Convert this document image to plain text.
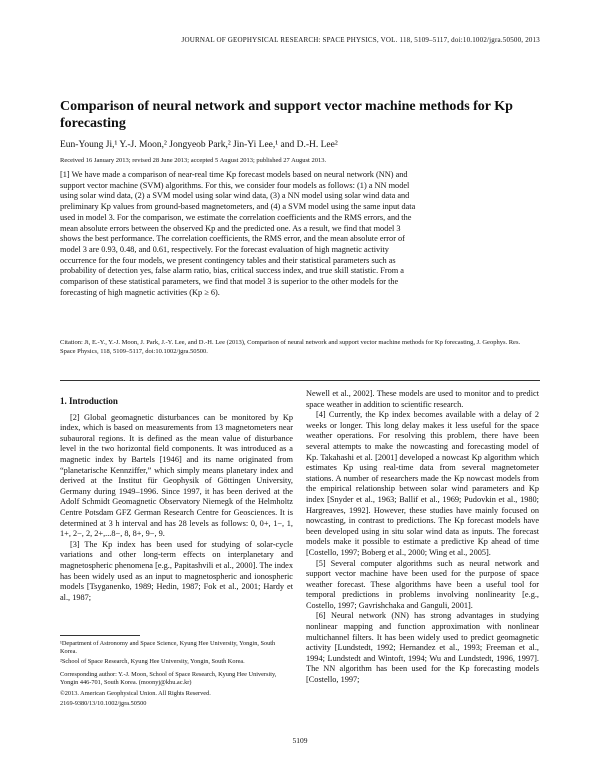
JOURNAL OF GEOPHYSICAL RESEARCH: SPACE PHYSICS, VOL. 118, 5109–5117, doi:10.1002/jgra.50500, 2013
Comparison of neural network and support vector machine methods for Kp forecasting
Eun-Young Ji,¹ Y.-J. Moon,² Jongyeob Park,² Jin-Yi Lee,¹ and D.-H. Lee²
Received 16 January 2013; revised 28 June 2013; accepted 5 August 2013; published 27 August 2013.
[1] We have made a comparison of near-real time Kp forecast models based on neural network (NN) and support vector machine (SVM) algorithms. For this, we consider four models as follows: (1) a NN model using solar wind data, (2) a SVM model using solar wind data, (3) a NN model using solar wind data and preliminary Kp values from ground-based magnetometers, and (4) a SVM model using the same input data used in model 3. For the comparison, we estimate the correlation coefficients and the RMS errors, and the mean absolute errors between the observed Kp and the predicted one. As a result, we find that model 3 shows the best performance. The correlation coefficients, the RMS error, and the mean absolute error of model 3 are 0.93, 0.48, and 0.61, respectively. For the forecast evaluation of high magnetic activity occurrence for the four models, we present contingency tables and their statistical parameters such as probability of detection yes, false alarm ratio, bias, critical success index, and true skill statistic. From a comparison of these statistical parameters, we find that model 3 is superior to the other models for the forecasting of high magnetic activities (Kp ≥ 6).
Citation: Ji, E.-Y., Y.-J. Moon, J. Park, J.-Y. Lee, and D.-H. Lee (2013), Comparison of neural network and support vector machine methods for Kp forecasting, J. Geophys. Res. Space Physics, 118, 5109–5117, doi:10.1002/jgra.50500.
1. Introduction

[2] Global geomagnetic disturbances can be monitored by Kp index, which is based on measurements from 13 magnetometers near subauroral regions. It is defined as the mean value of disturbance level in the two horizontal field components. It was introduced as a magnetic index by Bartels [1946] and its name originated from “planetarische Kennziffer,” which simply means planetary index and derived at the Institut für Geophysik of Göttingen University, Germany during 1949–1996. Since 1997, it has been derived at the Adolf Schmidt Geomagnetic Observatory Niemegk of the Helmholtz Centre Potsdam GFZ German Research Centre for Geosciences. It is determined at 3 h interval and has 28 levels as follows: 0, 0+, 1−, 1, 1+, 2−, 2, 2+,...8−, 8, 8+, 9−, 9.

[3] The Kp index has been used for studying of solar-cycle variations and other long-term effects on interplanetary and magnetospheric phenomena [e.g., Papitashvili et al., 2000]. The index has been widely used as an input to magnetospheric and ionospheric models [Tsyganenko, 1989; Hedin, 1987; Fok et al., 2001; Hardy et al., 1987;

¹Department of Astronomy and Space Science, Kyung Hee University, Yongin, South Korea.
²School of Space Research, Kyung Hee University, Yongin, South Korea.
Corresponding author: Y.-J. Moon, School of Space Research, Kyung Hee University, Yongin 446-701, South Korea. (moonyj@khu.ac.kr)
©2013. American Geophysical Union. All Rights Reserved.
2169-9380/13/10.1002/jgra.50500

Newell et al., 2002]. These models are used to monitor and to predict space weather in addition to scientific research.

[4] Currently, the Kp index becomes available with a delay of 2 weeks or longer. This long delay makes it less useful for the space weather operations. For resolving this problem, there have been several attempts to make the nowcasting and forecasting model of Kp. Takahashi et al. [2001] developed a nowcast Kp algorithm which estimates Kp using real-time data from several magnetometer stations. A number of researchers made the Kp nowcast models from the empirical relationship between solar wind parameters and Kp index [Snyder et al., 1963; Ballif et al., 1969; Pudovkin et al., 1980; Hargreaves, 1992]. However, these studies have mainly focused on nowcasting, in contrast to predictions. The Kp forecast models have been developed using in situ solar wind data as inputs. The forecast models make it possible to estimate a predictive Kp ahead of time [Costello, 1997; Boberg et al., 2000; Wing et al., 2005].

[5] Several computer algorithms such as neural network and support vector machine have been used for the purpose of space weather forecast. These algorithms have been a useful tool for temporal predictions in problems involving nonlinearity [e.g., Costello, 1997; Gavrishchaka and Ganguli, 2001].

[6] Neural network (NN) has strong advantages in studying nonlinear mapping and function approximation with nonlinear multichannel filters. It has been widely used to predict geomagnetic activity [Lundstedt, 1992; Hernandez et al., 1993; Freeman et al., 1994; Lundstedt and Wintoft, 1994; Wu and Lundstedt, 1996, 1997]. The NN algorithm has been used for the Kp forecasting models [Costello, 1997;

5109
